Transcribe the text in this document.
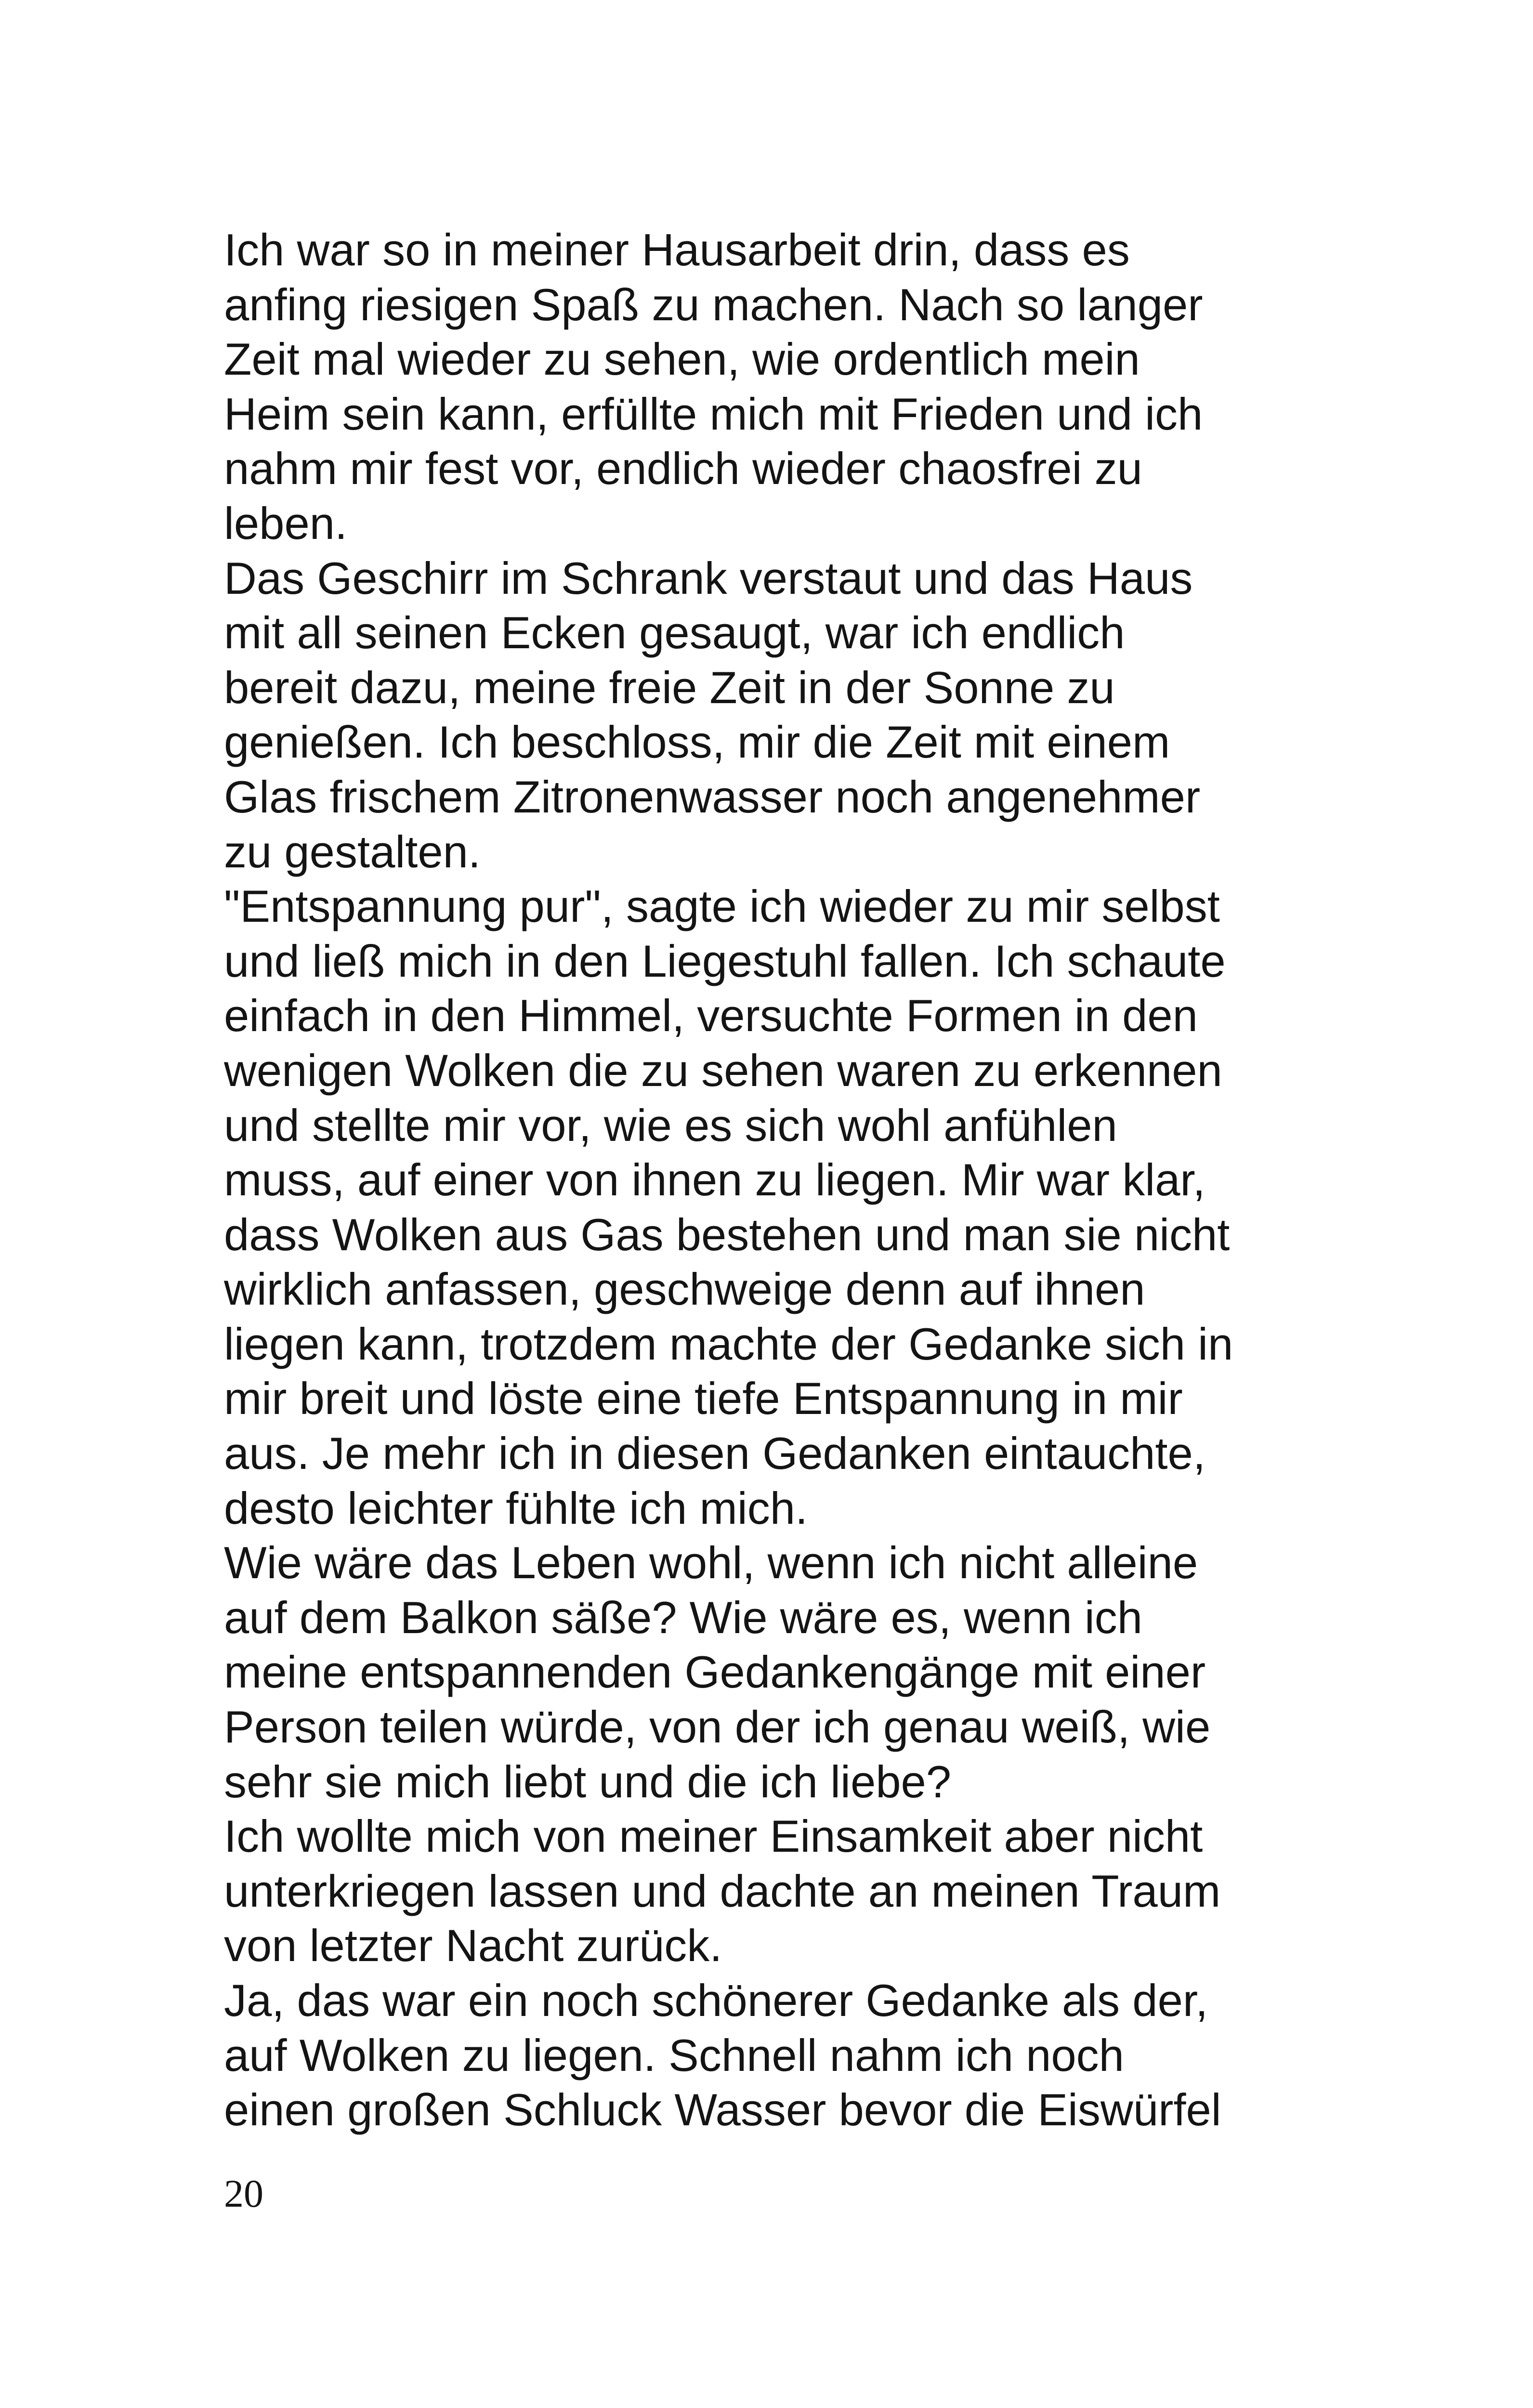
Ich war so in meiner Hausarbeit drin, dass es
anfing riesigen Spaß zu machen. Nach so langer
Zeit mal wieder zu sehen, wie ordentlich mein
Heim sein kann, erfüllte mich mit Frieden und ich
nahm mir fest vor, endlich wieder chaosfrei zu
leben.
Das Geschirr im Schrank verstaut und das Haus
mit all seinen Ecken gesaugt, war ich endlich
bereit dazu, meine freie Zeit in der Sonne zu
genießen. Ich beschloss, mir die Zeit mit einem
Glas frischem Zitronenwasser noch angenehmer
zu gestalten.
"Entspannung pur", sagte ich wieder zu mir selbst
und ließ mich in den Liegestuhl fallen. Ich schaute
einfach in den Himmel, versuchte Formen in den
wenigen Wolken die zu sehen waren zu erkennen
und stellte mir vor, wie es sich wohl anfühlen
muss, auf einer von ihnen zu liegen. Mir war klar,
dass Wolken aus Gas bestehen und man sie nicht
wirklich anfassen, geschweige denn auf ihnen
liegen kann, trotzdem machte der Gedanke sich in
mir breit und löste eine tiefe Entspannung in mir
aus. Je mehr ich in diesen Gedanken eintauchte,
desto leichter fühlte ich mich.
Wie wäre das Leben wohl, wenn ich nicht alleine
auf dem Balkon säße? Wie wäre es, wenn ich
meine entspannenden Gedankengänge mit einer
Person teilen würde, von der ich genau weiß, wie
sehr sie mich liebt und die ich liebe?
Ich wollte mich von meiner Einsamkeit aber nicht
unterkriegen lassen und dachte an meinen Traum
von letzter Nacht zurück.
Ja, das war ein noch schönerer Gedanke als der,
auf Wolken zu liegen. Schnell nahm ich noch
einen großen Schluck Wasser bevor die Eiswürfel
20
